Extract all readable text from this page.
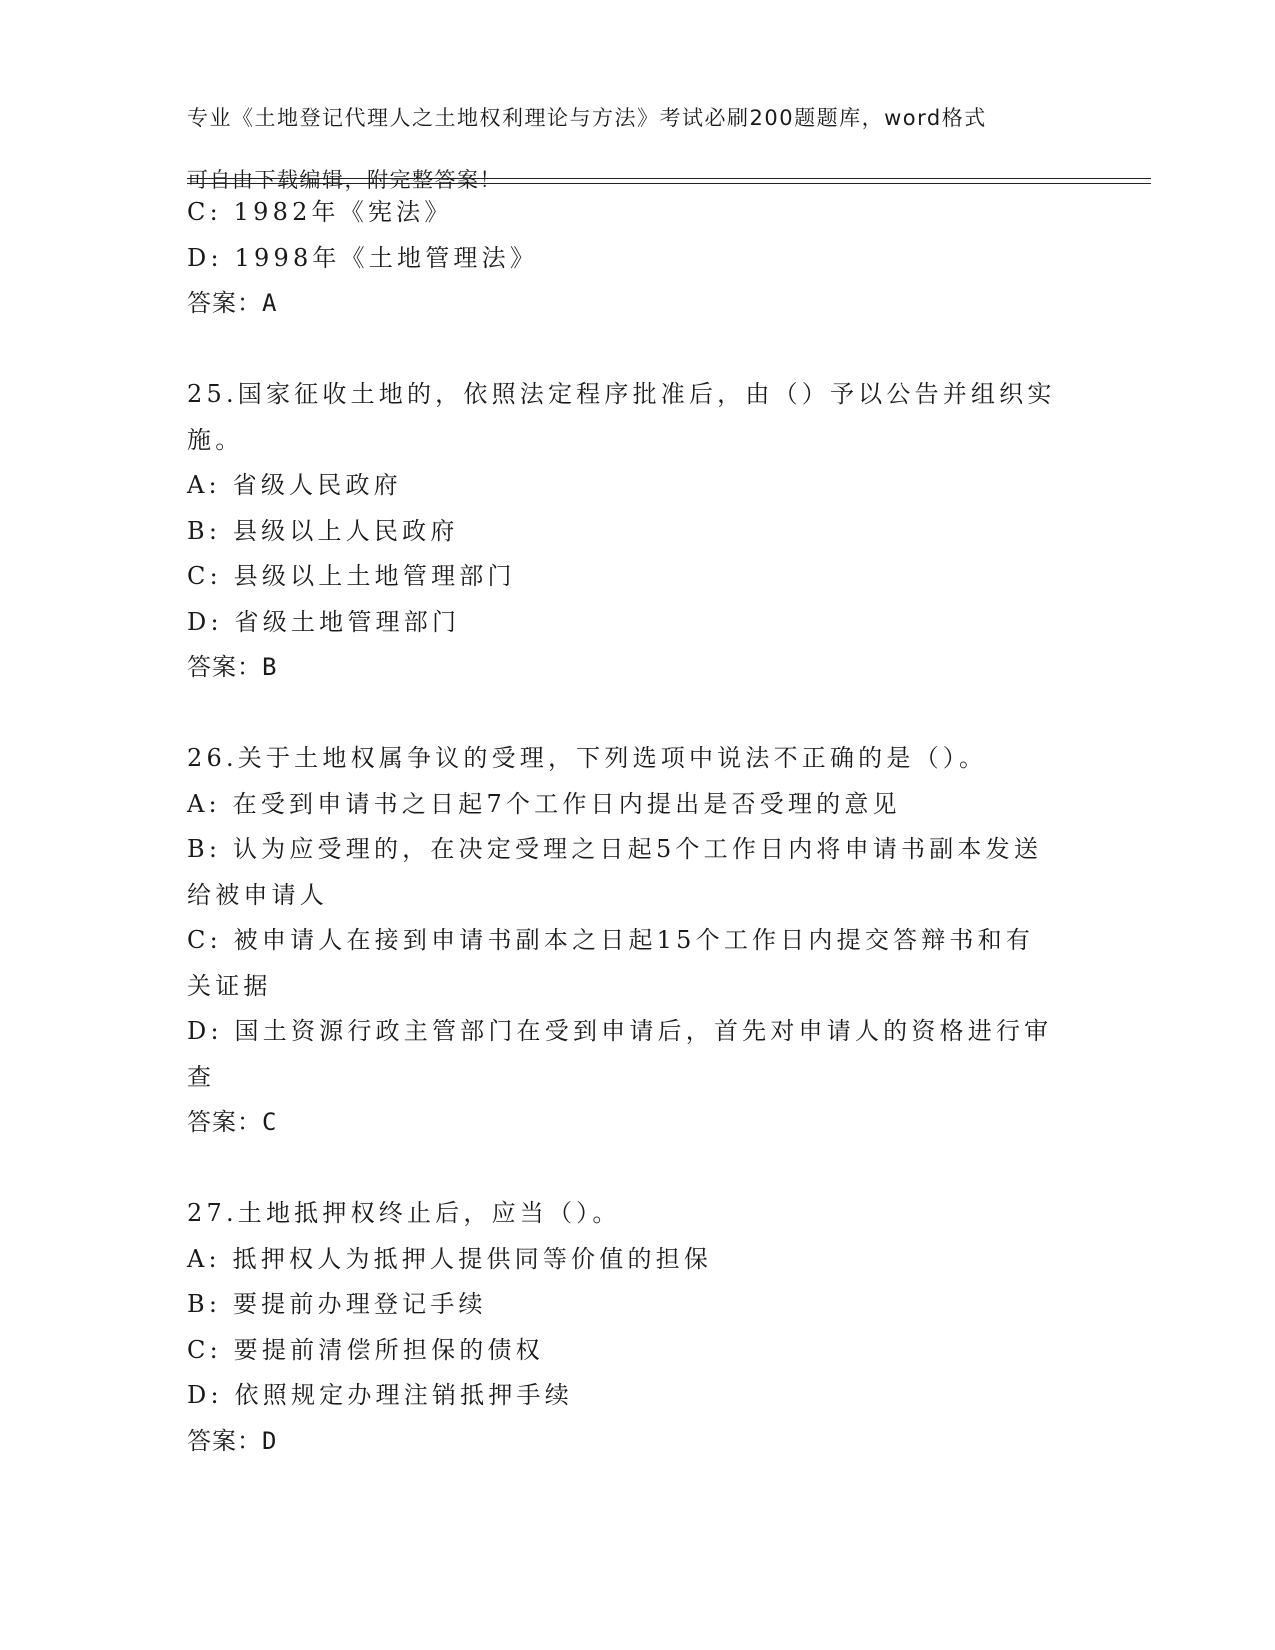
专业《土地登记代理人之土地权利理论与方法》考试必刷200题题库，word格式

可自由下载编辑，附完整答案！

C: 1982年《宪法》
D: 1998年《土地管理法》
答案：A
25.国家征收土地的，依照法定程序批准后，由（）予以公告并组织实
施。
A: 省级人民政府
B: 县级以上人民政府
C: 县级以上土地管理部门
D: 省级土地管理部门
答案：B
26.关于土地权属争议的受理，下列选项中说法不正确的是（）。
A: 在受到申请书之日起7个工作日内提出是否受理的意见
B: 认为应受理的，在决定受理之日起5个工作日内将申请书副本发送
给被申请人
C: 被申请人在接到申请书副本之日起15个工作日内提交答辩书和有
关证据
D: 国土资源行政主管部门在受到申请后，首先对申请人的资格进行审
查
答案：C
27.土地抵押权终止后，应当（）。
A: 抵押权人为抵押人提供同等价值的担保
B: 要提前办理登记手续
C: 要提前清偿所担保的债权
D: 依照规定办理注销抵押手续
答案：D
